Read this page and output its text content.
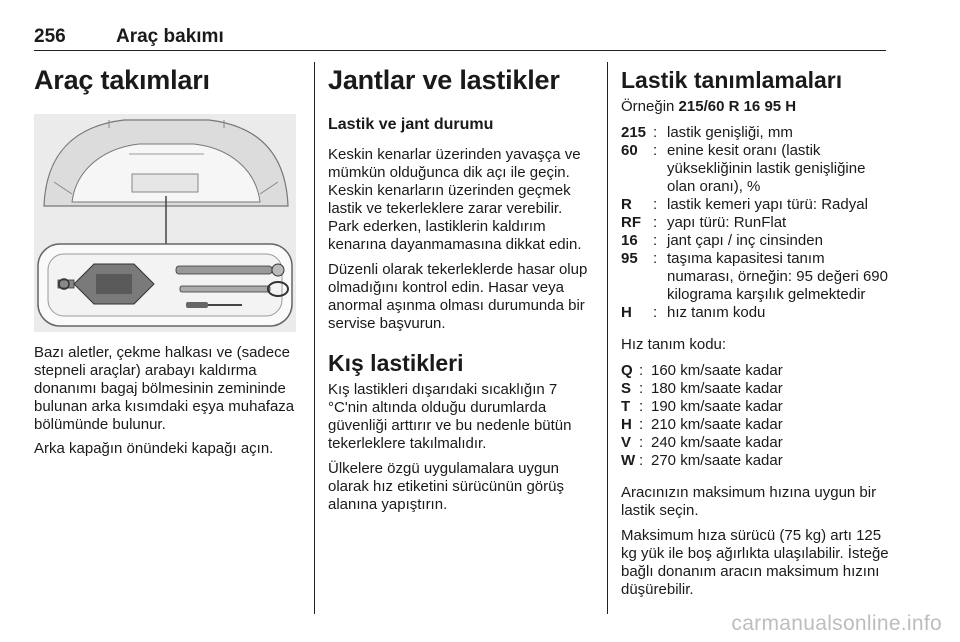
256	Araç bakımı
Araç takımları

Bazı aletler, çekme halkası ve (sadece stepneli araçlar) arabayı kaldırma donanımı bagaj bölmesinin zemininde bulunan arka kısımdaki eşya muhafaza bölümünde bulunur.

Arka kapağın önündeki kapağı açın.

Jantlar ve lastikler
Lastik ve jant durumu

Keskin kenarlar üzerinden yavaşça ve mümkün olduğunca dik açı ile geçin. Keskin kenarların üzerinden geçmek lastik ve tekerleklere zarar verebilir. Park ederken, lastiklerin kaldırım kenarına dayanmamasına dikkat edin.

Düzenli olarak tekerleklerde hasar olup olmadığını kontrol edin. Hasar veya anormal aşınma olması durumunda bir servise başvurun.

Kış lastikleri

Kış lastikleri dışarıdaki sıcaklığın 7 °C'nin altında olduğu durumlarda güvenliği arttırır ve bu nedenle bütün tekerleklere takılmalıdır.

Ülkelere özgü uygulamalara uygun olarak hız etiketini sürücünün görüş alanına yapıştırın.

Lastik tanımlamaları

Örneğin 215/60 R 16 95 H

215 : lastik genişliği, mm
60	: enine kesit oranı (lastik yüksekliğinin lastik genişliğine olan oranı), %
R	: lastik kemeri yapı türü: Radyal
RF : yapı türü: RunFlat
16	: jant çapı / inç cinsinden
95	: taşıma kapasitesi tanım numarası, örneğin: 95 değeri 690 kilograma karşılık gelmektedir
H	: hız tanım kodu

Hız tanım kodu:

Q : 160 km/saate kadar
S : 180 km/saate kadar
T : 190 km/saate kadar
H : 210 km/saate kadar
V : 240 km/saate kadar
W : 270 km/saate kadar

Aracınızın maksimum hızına uygun bir lastik seçin.

Maksimum hıza sürücü (75 kg) artı 125 kg yük ile boş ağırlıkta ulaşılabilir. İsteğe bağlı donanım aracın maksimum hızını düşürebilir.

carmanualsonline.info
